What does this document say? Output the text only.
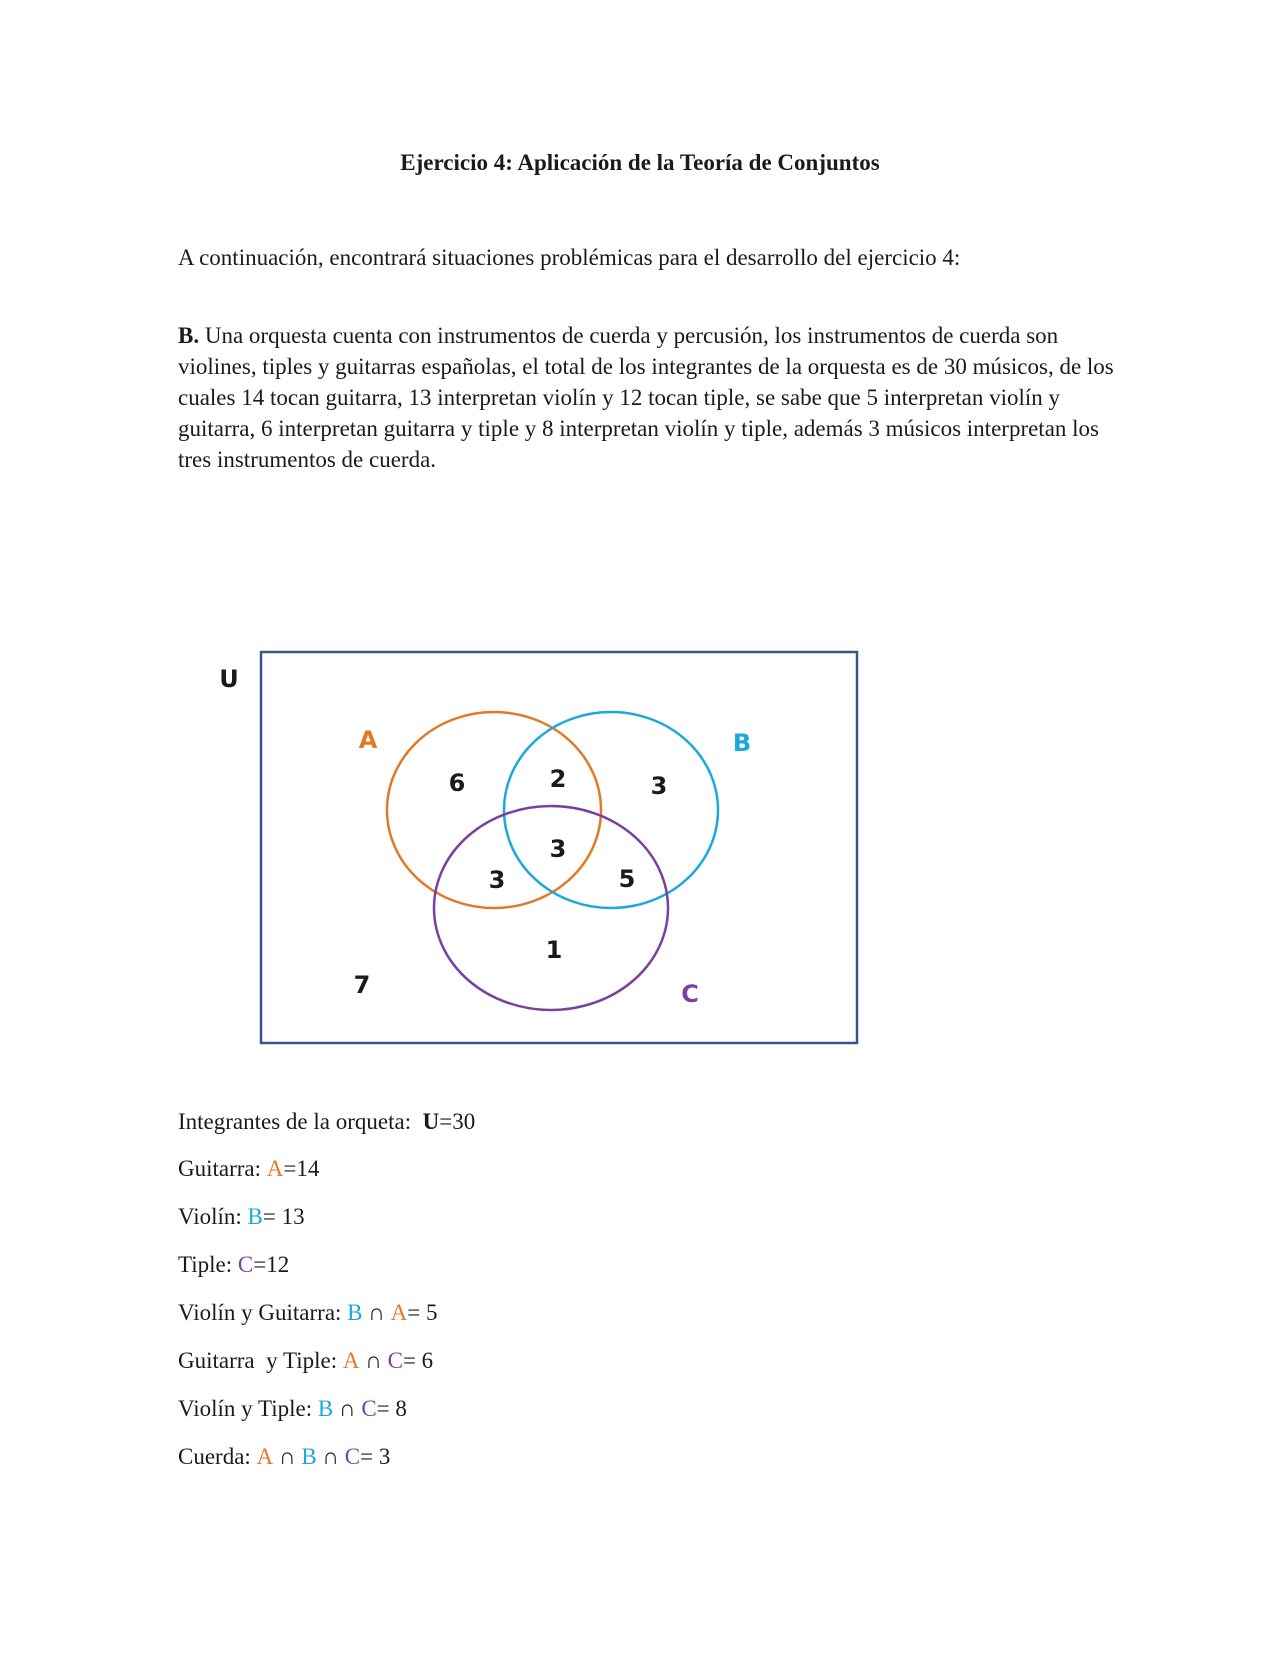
Ejercicio 4: Aplicación de la Teoría de Conjuntos
A continuación, encontrará situaciones problémicas para el desarrollo del ejercicio 4:
B. Una orquesta cuenta con instrumentos de cuerda y percusión, los instrumentos de cuerda son violines, tiples y guitarras españolas, el total de los integrantes de la orquesta es de 30 músicos, de los cuales 14 tocan guitarra, 13 interpretan violín y 12 tocan tiple, se sabe que 5 interpretan violín y guitarra, 6 interpretan guitarra y tiple y 8 interpretan violín y tiple, además 3 músicos interpretan los tres instrumentos de cuerda.
U
A	B
C
6	2	3
3
3	5
1
7
Integrantes de la orqueta: U=30
Guitarra: A=14
Violín: B= 13
Tiple: C=12
Violín y Guitarra: B ∩ A= 5
Guitarra  y Tiple: A ∩ C= 6
Violín y Tiple: B ∩ C= 8
Cuerda: A ∩ B ∩ C= 3
